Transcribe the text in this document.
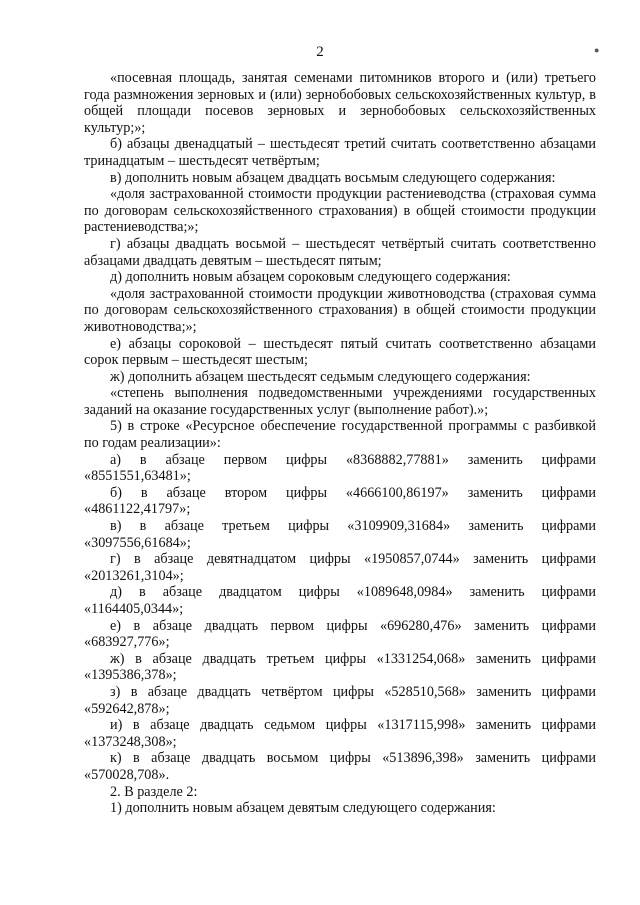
2	●

«посевная площадь, занятая семенами питомников второго и (или) третьего года размножения зерновых и (или) зернобобовых сельскохозяйственных культур, в общей площади посевов зерновых и зернобобовых сельскохозяйственных культур;»;

б) абзацы двенадцатый – шестьдесят третий считать соответственно абзацами тринадцатым – шестьдесят четвёртым;

в) дополнить новым абзацем двадцать восьмым следующего содержания:

«доля застрахованной стоимости продукции растениеводства (страховая сумма по договорам сельскохозяйственного страхования) в общей стоимости продукции растениеводства;»;

г) абзацы двадцать восьмой – шестьдесят четвёртый считать соответственно абзацами двадцать девятым – шестьдесят пятым;

д) дополнить новым абзацем сороковым следующего содержания:

«доля застрахованной стоимости продукции животноводства (страховая сумма по договорам сельскохозяйственного страхования) в общей стоимости продукции животноводства;»;

е) абзацы сороковой – шестьдесят пятый считать соответственно абзацами сорок первым – шестьдесят шестым;

ж) дополнить абзацем шестьдесят седьмым следующего содержания:

«степень выполнения подведомственными учреждениями государственных заданий на оказание государственных услуг (выполнение работ).»;

5) в строке «Ресурсное обеспечение государственной программы с разбивкой по годам реализации»:

а) в абзаце первом цифры «8368882,77881» заменить цифрами «8551551,63481»;

б) в абзаце втором цифры «4666100,86197» заменить цифрами «4861122,41797»;

в) в абзаце третьем цифры «3109909,31684» заменить цифрами «3097556,61684»;

г) в абзаце девятнадцатом цифры «1950857,0744» заменить цифрами «2013261,3104»;

д) в абзаце двадцатом цифры «1089648,0984» заменить цифрами «1164405,0344»;

е) в абзаце двадцать первом цифры «696280,476» заменить цифрами «683927,776»;

ж) в абзаце двадцать третьем цифры «1331254,068» заменить цифрами «1395386,378»;

з) в абзаце двадцать четвёртом цифры «528510,568» заменить цифрами «592642,878»;

и) в абзаце двадцать седьмом цифры «1317115,998» заменить цифрами «1373248,308»;

к) в абзаце двадцать восьмом цифры «513896,398» заменить цифрами «570028,708».

2. В разделе 2:

1) дополнить новым абзацем девятым следующего содержания:
